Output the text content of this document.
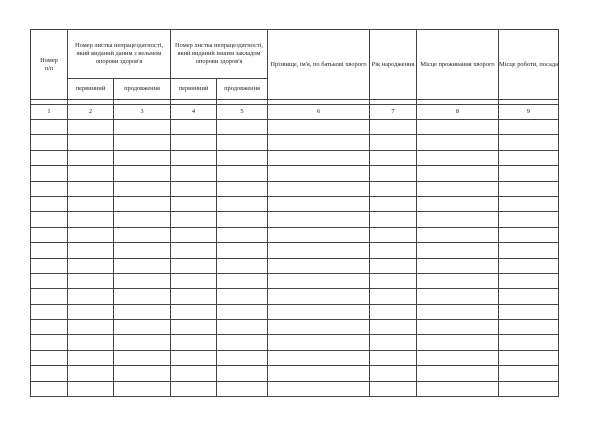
Номер
п/п	Номер листка непрацездатності, який виданий даним з вельмом опорови здоров'я		Номер листка непрацездатності, який виданий іншим закладом опорови здоров'я		Прізвище, ім'я, по батькові хворого	Рік народження	Місце проживання хворого	Місце роботи, посада
	первинний	продовження	первинний	продовження				

1	2	3	4	5	6	7	8	9
